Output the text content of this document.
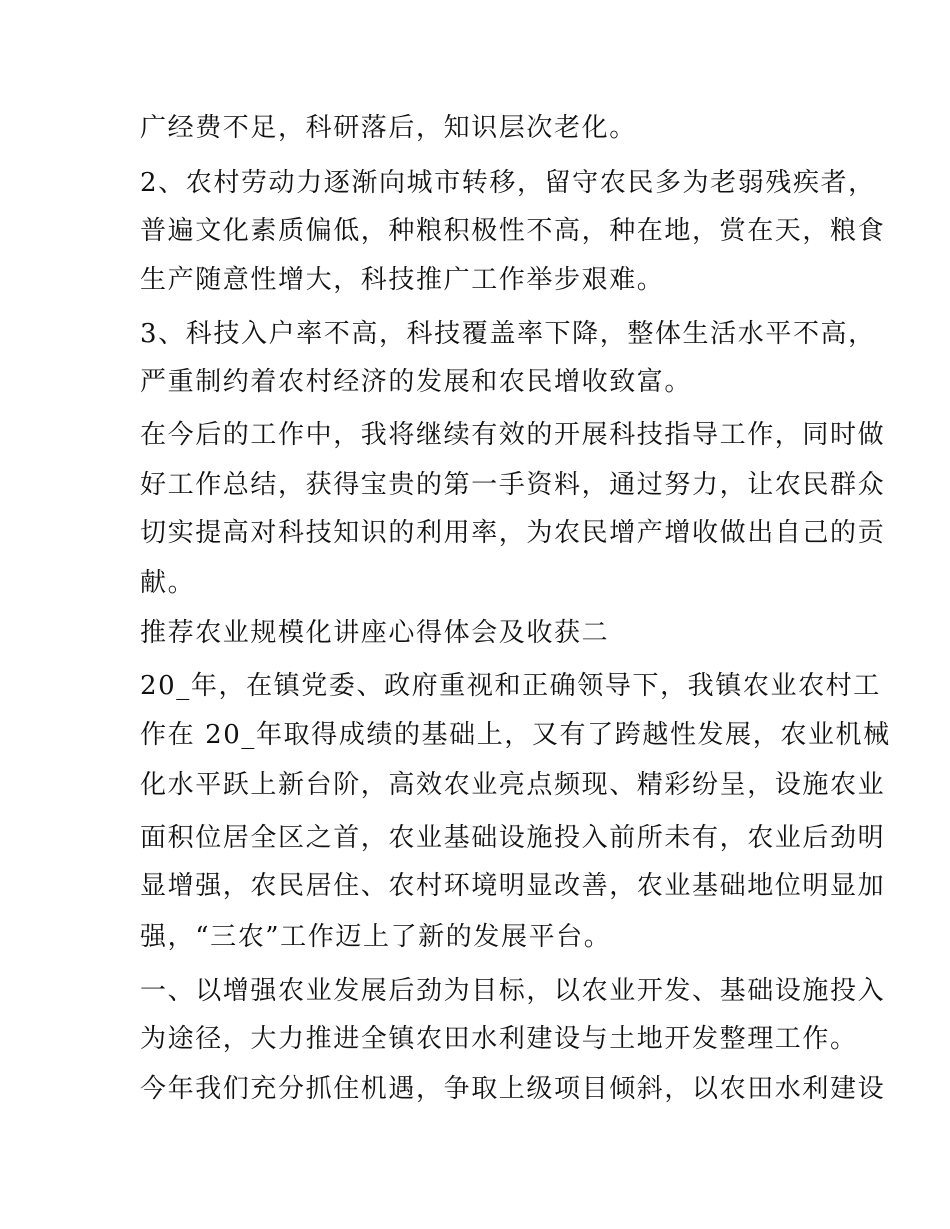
广经费不足，科研落后，知识层次老化。
2、农村劳动力逐渐向城市转移，留守农民多为老弱残疾者，
普遍文化素质偏低，种粮积极性不高，种在地，赏在天，粮食
生产随意性增大，科技推广工作举步艰难。
3、科技入户率不高，科技覆盖率下降，整体生活水平不高，
严重制约着农村经济的发展和农民增收致富。
在今后的工作中，我将继续有效的开展科技指导工作，同时做
好工作总结，获得宝贵的第一手资料，通过努力，让农民群众
切实提高对科技知识的利用率，为农民增产增收做出自己的贡
献。
推荐农业规模化讲座心得体会及收获二
20_年，在镇党委、政府重视和正确领导下，我镇农业农村工
作在 20_年取得成绩的基础上，又有了跨越性发展，农业机械
化水平跃上新台阶，高效农业亮点频现、精彩纷呈，设施农业
面积位居全区之首，农业基础设施投入前所未有，农业后劲明
显增强，农民居住、农村环境明显改善，农业基础地位明显加
强，“三农”工作迈上了新的发展平台。
一、以增强农业发展后劲为目标，以农业开发、基础设施投入
为途径，大力推进全镇农田水利建设与土地开发整理工作。
今年我们充分抓住机遇，争取上级项目倾斜，以农田水利建设
